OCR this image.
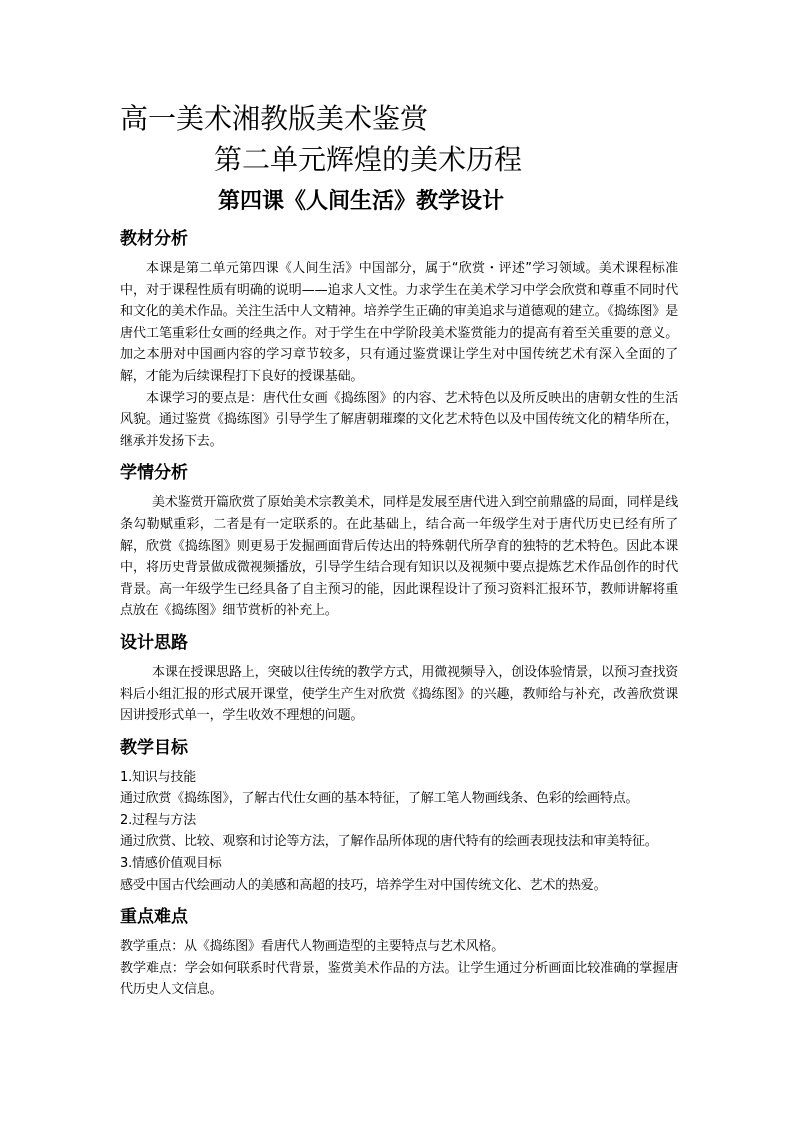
高一美术湘教版美术鉴赏
第二单元辉煌的美术历程
第四课《人间生活》教学设计
教材分析

本课是第二单元第四课《人间生活》中国部分，属于“欣赏・评述”学习领域。美术课程标准中，对于课程性质有明确的说明——追求人文性。力求学生在美术学习中学会欣赏和尊重不同时代和文化的美术作品。关注生活中人文精神。培养学生正确的审美追求与道德观的建立。《捣练图》是唐代工笔重彩仕女画的经典之作。对于学生在中学阶段美术鉴赏能力的提高有着至关重要的意义。加之本册对中国画内容的学习章节较多，只有通过鉴赏课让学生对中国传统艺术有深入全面的了解，才能为后续课程打下良好的授课基础。

本课学习的要点是：唐代仕女画《捣练图》的内容、艺术特色以及所反映出的唐朝女性的生活风貌。通过鉴赏《捣练图》引导学生了解唐朝璀璨的文化艺术特色以及中国传统文化的精华所在，继承并发扬下去。

学情分析

美术鉴赏开篇欣赏了原始美术宗教美术，同样是发展至唐代进入到空前鼎盛的局面，同样是线条勾勒赋重彩，二者是有一定联系的。在此基础上，结合高一年级学生对于唐代历史已经有所了解，欣赏《捣练图》则更易于发掘画面背后传达出的特殊朝代所孕育的独特的艺术特色。因此本课中，将历史背景做成微视频播放，引导学生结合现有知识以及视频中要点提炼艺术作品创作的时代背景。高一年级学生已经具备了自主预习的能，因此课程设计了预习资料汇报环节，教师讲解将重点放在《捣练图》细节赏析的补充上。

设计思路

本课在授课思路上，突破以往传统的教学方式，用微视频导入，创设体验情景，以预习查找资料后小组汇报的形式展开课堂，使学生产生对欣赏《捣练图》的兴趣，教师给与补充，改善欣赏课因讲授形式单一，学生收效不理想的问题。

教学目标

1.知识与技能

通过欣赏《捣练图》，了解古代仕女画的基本特征，了解工笔人物画线条、色彩的绘画特点。

2.过程与方法

通过欣赏、比较、观察和讨论等方法，了解作品所体现的唐代特有的绘画表现技法和审美特征。

3.情感价值观目标

感受中国古代绘画动人的美感和高超的技巧，培养学生对中国传统文化、艺术的热爱。

重点难点

教学重点：从《捣练图》看唐代人物画造型的主要特点与艺术风格。

教学难点：学会如何联系时代背景，鉴赏美术作品的方法。让学生通过分析画面比较准确的掌握唐代历史人文信息。
